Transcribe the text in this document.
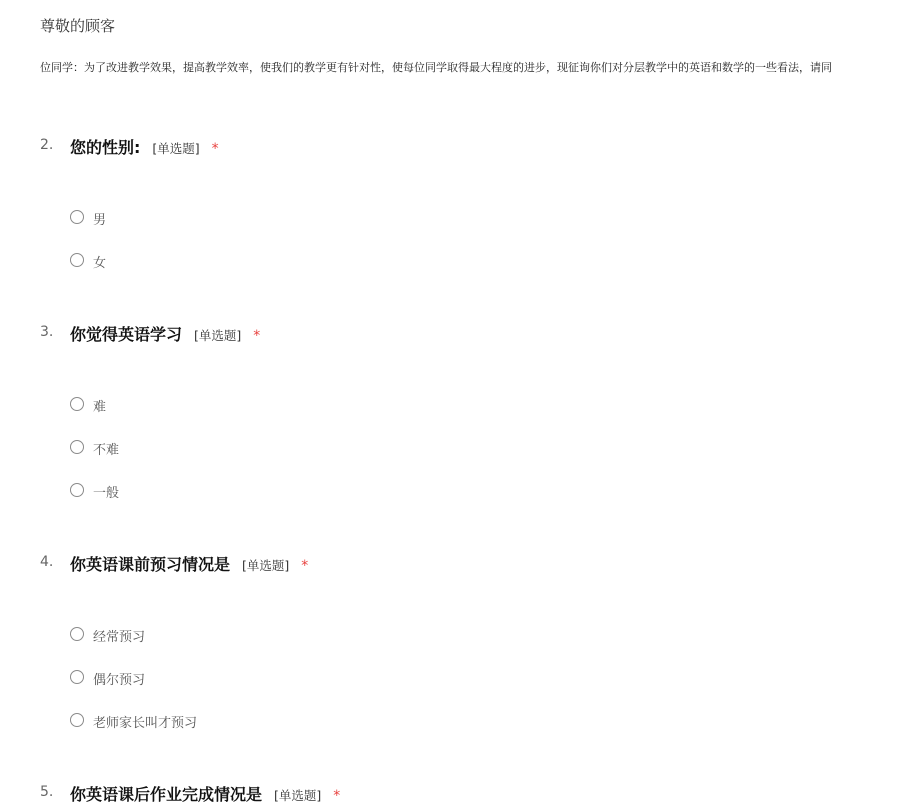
尊敬的顾客
位同学：为了改进教学效果，提高教学效率，使我们的教学更有针对性，使每位同学取得最大程度的进步，现征询你们对分层教学中的英语和数学的一些看法，请同
2. 您的性别: [单选题] *
男
女
3. 你觉得英语学习 [单选题] *
难
不难
一般
4. 你英语课前预习情况是 [单选题] *
经常预习
偶尔预习
老师家长叫才预习
5. 你英语课后作业完成情况是 [单选题] *
